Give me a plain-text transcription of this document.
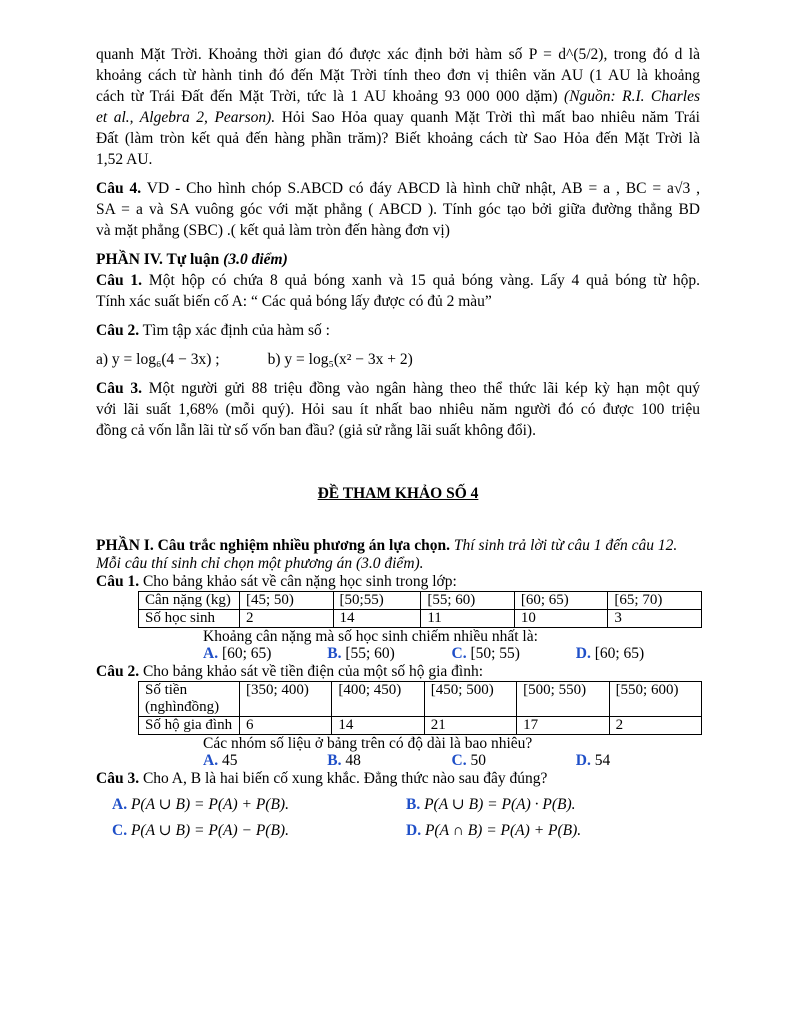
quanh Mặt Trời. Khoảng thời gian đó được xác định bởi hàm số P = d^(5/2), trong đó d là

khoảng cách từ hành tinh đó đến Mặt Trời tính theo đơn vị thiên văn AU (1 AU là khoảng

cách từ Trái Đất đến Mặt Trời, tức là 1 AU khoảng 93 000 000 dặm) (Nguồn: R.I. Charles

et al., Algebra 2, Pearson). Hỏi Sao Hỏa quay quanh Mặt Trời thì mất bao nhiêu năm Trái

Đất (làm tròn kết quả đến hàng phần trăm)? Biết khoảng cách từ Sao Hỏa đến Mặt Trời là

1,52 AU.

Câu 4. VD - Cho hình chóp S.ABCD có đáy ABCD là hình chữ nhật, AB = a , BC = a√3 ,

SA = a và SA vuông góc với mặt phẳng ( ABCD ). Tính góc tạo bởi giữa đường thẳng BD

và mặt phẳng (SBC) .( kết quả làm tròn đến hàng đơn vị)

PHẦN IV. Tự luận (3.0 điểm)

Câu 1. Một hộp có chứa 8 quả bóng xanh và 15 quả bóng vàng. Lấy 4 quả bóng từ hộp.

Tính xác suất biến cố A: “ Các quả bóng lấy được có đủ 2 màu”

Câu 2. Tìm tập xác định của hàm số :

a) y = log₆(4 − 3x) ;	b) y = log₅(x² − 3x + 2)

Câu 3. Một người gửi 88 triệu đồng vào ngân hàng theo thể thức lãi kép kỳ hạn một quý

với lãi suất 1,68% (mỗi quý). Hỏi sau ít nhất bao nhiêu năm người đó có được 100 triệu

đồng cả vốn lẫn lãi từ số vốn ban đầu? (giả sử rằng lãi suất không đổi).

ĐỀ THAM KHẢO SỐ 4

PHẦN I. Câu trắc nghiệm nhiều phương án lựa chọn. Thí sinh trả lời từ câu 1 đến câu 12.

Mỗi câu thí sinh chỉ chọn một phương án (3.0 điểm).

Câu 1. Cho bảng khảo sát về cân nặng học sinh trong lớp:

Cân nặng (kg)	[45; 50)	[50;55)	[55; 60)	[60; 65)	[65; 70)
Số học sinh	2	14	11	10	3
Khoảng cân nặng mà số học sinh chiếm nhiều nhất là:
A. [60; 65)	B. [55; 60)	C. [50; 55)	D. [60; 65)

Câu 2. Cho bảng khảo sát về tiền điện của một số hộ gia đình:

Số tiền (nghìnđồng)	[350; 400)	[400; 450)	[450; 500)	[500; 550)	[550; 600)
Số hộ gia đình	6	14	21	17	2
Các nhóm số liệu ở bảng trên có độ dài là bao nhiêu?
A. 45	B. 48	C. 50	D. 54

Câu 3. Cho A, B là hai biến cố xung khắc. Đẳng thức nào sau đây đúng?

A. P(A ∪ B) = P(A) + P(B).	B. P(A ∪ B) = P(A) · P(B).
C. P(A ∪ B) = P(A) − P(B).	D. P(A ∩ B) = P(A) + P(B).
